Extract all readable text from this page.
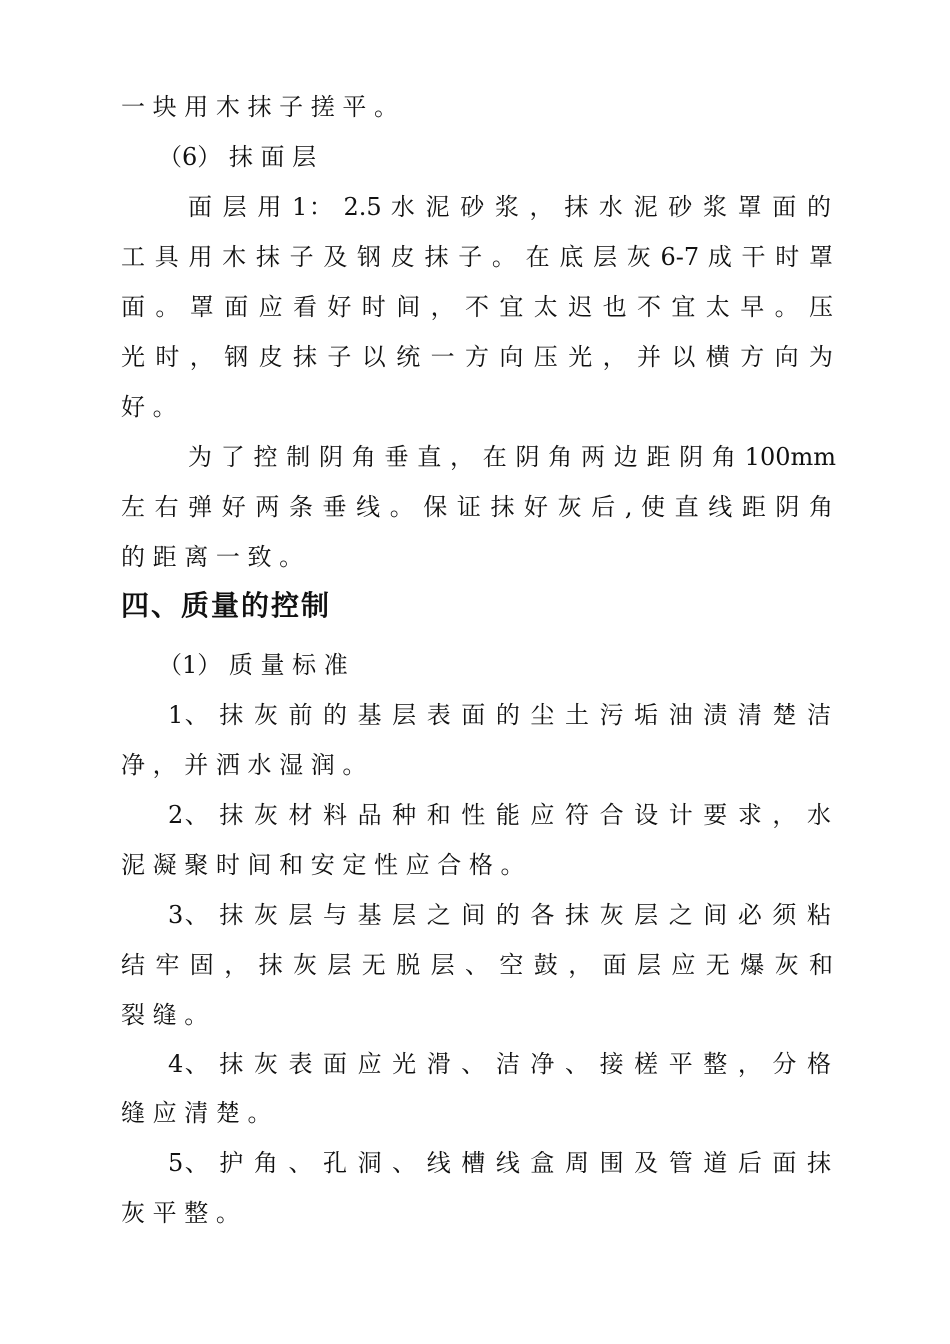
一 块 用 木 抹 子 搓 平 。
（6） 抹 面 层
面 层 用 1： 2.5 水 泥 砂 浆 ， 抹 水 泥 砂 浆 罩 面 的
工 具 用 木 抹 子 及 钢 皮 抹 子 。 在 底 层 灰 6-7 成 干 时 罩
面 。 罩 面 应 看 好 时 间 ， 不 宜 太 迟 也 不 宜 太 早 。 压
光 时 ， 钢 皮 抹 子 以 统 一 方 向 压 光 ， 并 以 横 方 向 为
好 。
为 了 控 制 阴 角 垂 直 ， 在 阴 角 两 边 距 阴 角 100mm
左 右 弹 好 两 条 垂 线 。 保 证 抹 好 灰 后 , 使 直 线 距 阴 角
的 距 离 一 致 。
四、质量的控制
（1） 质 量 标 准
1、 抹 灰 前 的 基 层 表 面 的 尘 土 污 垢 油 渍 清 楚 洁
净 ， 并 洒 水 湿 润 。
2、 抹 灰 材 料 品 种 和 性 能 应 符 合 设 计 要 求 ， 水
泥 凝 聚 时 间 和 安 定 性 应 合 格 。
3、 抹 灰 层 与 基 层 之 间 的 各 抹 灰 层 之 间 必 须 粘
结 牢 固 ， 抹 灰 层 无 脱 层 、 空 鼓 ， 面 层 应 无 爆 灰 和
裂 缝 。
4、 抹 灰 表 面 应 光 滑 、 洁 净 、 接 槎 平 整 ， 分 格
缝 应 清 楚 。
5、 护 角 、 孔 洞 、 线 槽 线 盒 周 围 及 管 道 后 面 抹
灰 平 整 。
